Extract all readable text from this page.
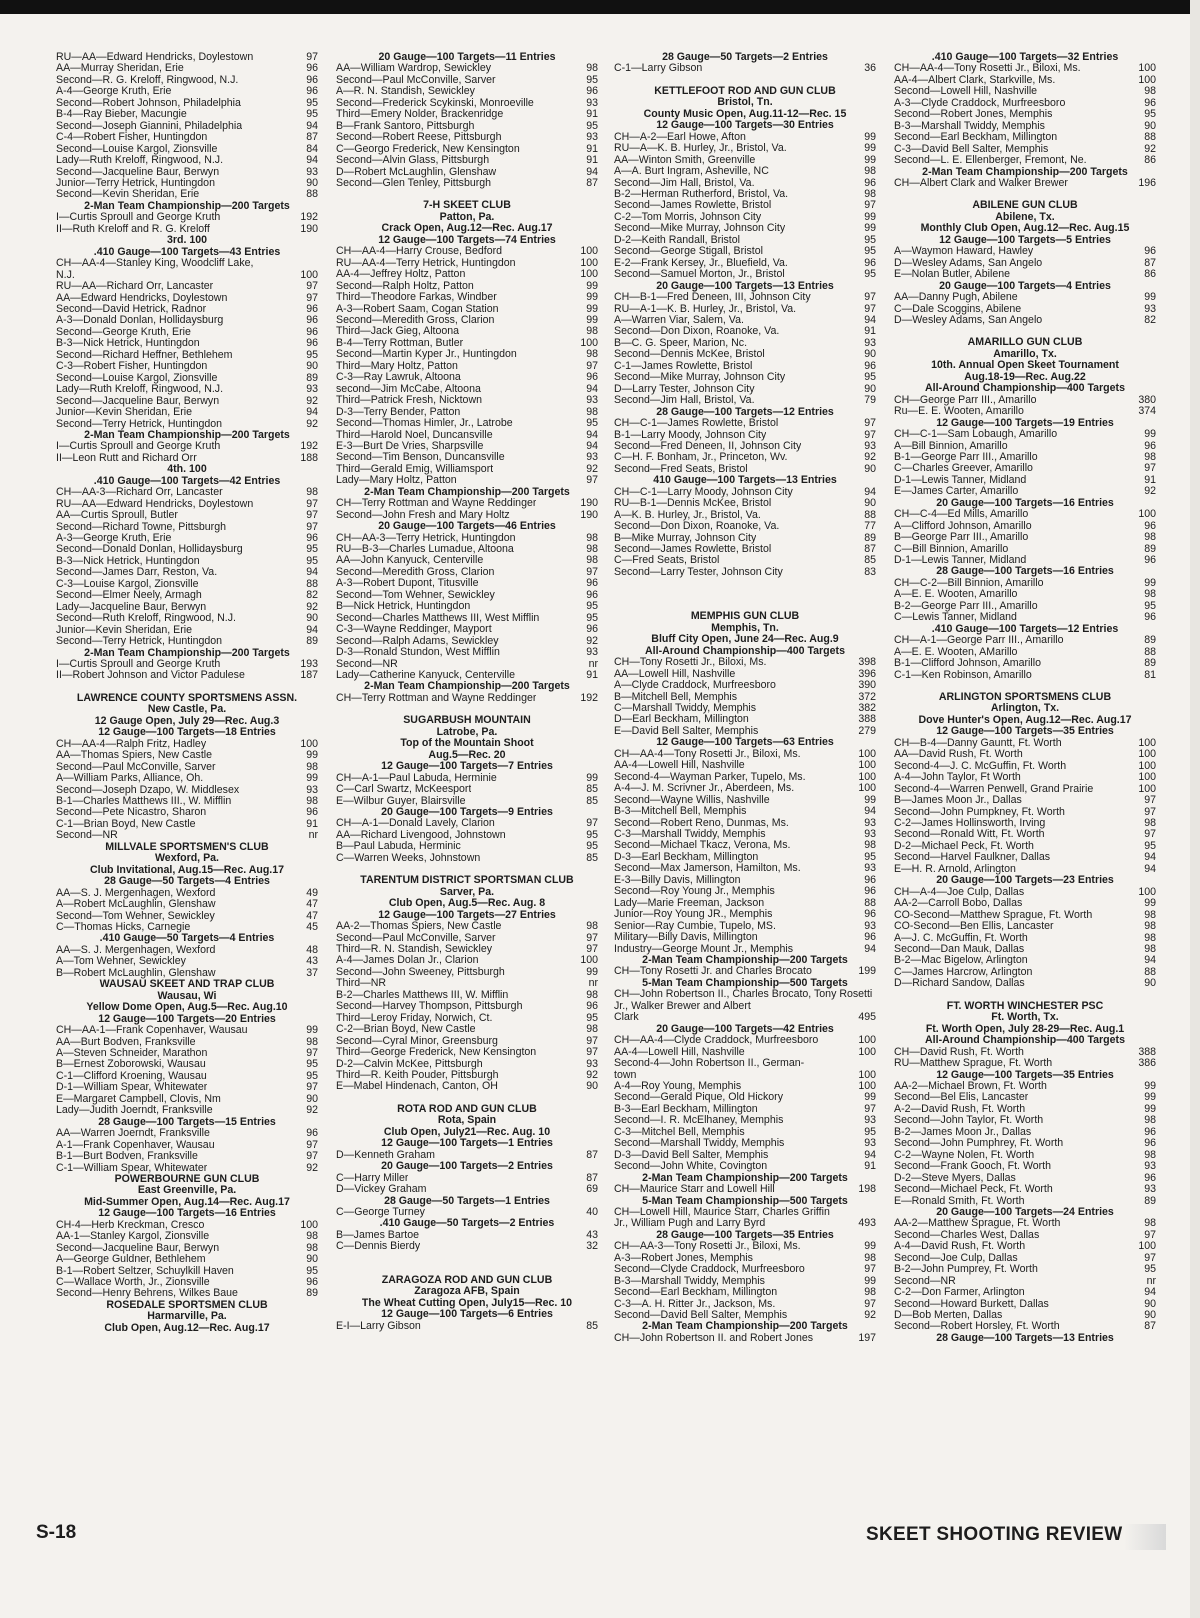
RU—AA—Edward Hendricks, Doylestown	97
AA—Murray Sheridan, Erie	96
Second—R. G. Kreloff, Ringwood, N.J.	96
A-4—George Kruth, Erie	96
Second—Robert Johnson, Philadelphia	95
B-4—Ray Bieber, Macungie	95
Second—Joseph Giannini, Philadelphia	94
C-4—Robert Fisher, Huntingdon	87
Second—Louise Kargol, Zionsville	84
Lady—Ruth Kreloff, Ringwood, N.J.	94
Second—Jacqueline Baur, Berwyn	93
Junior—Terry Hetrick, Huntingdon	90
Second—Kevin Sheridan, Erie	88
2-Man Team Championship—200 Targets
I—Curtis Sproull and George Kruth	192
II—Ruth Kreloff and R. G. Kreloff	190
3rd. 100
.410 Gauge—100 Targets—43 Entries
CH—AA-4—Stanley King, Woodcliff Lake,
N.J.	100
RU—AA—Richard Orr, Lancaster	97
AA—Edward Hendricks, Doylestown	97
Second—David Hetrick, Radnor	96
A-3—Donald Donlan, Hollidaysburg	96
Second—George Kruth, Erie	96
B-3—Nick Hetrick, Huntingdon	96
Second—Richard Heffner, Bethlehem	95
C-3—Robert Fisher, Huntingdon	90
Second—Louise Kargol, Zionsville	89
Lady—Ruth Kreloff, Ringwood, N.J.	93
Second—Jacqueline Baur, Berwyn	92
Junior—Kevin Sheridan, Erie	94
Second—Terry Hetrick, Huntingdon	92
2-Man Team Championship—200 Targets
I—Curtis Sproull and George Kruth	192
II—Leon Rutt and Richard Orr	188
4th. 100
.410 Gauge—100 Targets—42 Entries
CH—AA-3—Richard Orr, Lancaster	98
RU—AA—Edward Hendricks, Doylestown	97
AA—Curtis Sproull, Butler	97
Second—Richard Towne, Pittsburgh	97
A-3—George Kruth, Erie	96
Second—Donald Donlan, Hollidaysburg	95
B-3—Nick Hetrick, Huntingdon	95
Second—James Darr, Reston, Va.	94
C-3—Louise Kargol, Zionsville	88
Second—Elmer Neely, Armagh	82
Lady—Jacqueline Baur, Berwyn	92
Second—Ruth Kreloff, Ringwood, N.J.	90
Junior—Kevin Sheridan, Erie	94
Second—Terry Hetrick, Huntingdon	89
2-Man Team Championship—200 Targets
I—Curtis Sproull and George Kruth	193
II—Robert Johnson and Victor Padulese	187
LAWRENCE COUNTY SPORTSMENS ASSN.
New Castle, Pa.
12 Gauge Open, July 29—Rec. Aug.3
12 Gauge—100 Targets—18 Entries
CH—AA-4—Ralph Fritz, Hadley	100
AA—Thomas Spiers, New Castle	99
Second—Paul McConville, Sarver	98
A—William Parks, Alliance, Oh.	99
Second—Joseph Dzapo, W. Middlesex	93
B-1—Charles Matthews III., W. Mifflin	98
Second—Pete Nicastro, Sharon	96
C-1—Brian Boyd, New Castle	91
Second—NR	nr
MILLVALE SPORTSMEN'S CLUB
Wexford, Pa.
Club Invitational, Aug.15—Rec. Aug.17
28 Gauge—50 Targets—4 Entries
AA—S. J. Mergenhagen, Wexford	49
A—Robert McLaughlin, Glenshaw	47
Second—Tom Wehner, Sewickley	47
C—Thomas Hicks, Carnegie	45
.410 Gauge—50 Targets—4 Entries
AA—S. J. Mergenhagen, Wexford	48
A—Tom Wehner, Sewickley	43
B—Robert McLaughlin, Glenshaw	37
WAUSAU SKEET AND TRAP CLUB
Wausau, Wi
Yellow Dome Open, Aug.5—Rec. Aug.10
12 Gauge—100 Targets—20 Entries
CH—AA-1—Frank Copenhaver, Wausau	99
AA—Burt Bodven, Franksville	98
A—Steven Schneider, Marathon	97
B—Ernest Zoborowski, Wausau	95
C-1—Clifford Kroening, Wausau	95
D-1—William Spear, Whitewater	97
E—Margaret Campbell, Clovis, Nm	90
Lady—Judith Joerndt, Franksville	92
28 Gauge—100 Targets—15 Entries
AA—Warren Joerndt, Franksville	96
A-1—Frank Copenhaver, Wausau	97
B-1—Burt Bodven, Franksville	97
C-1—William Spear, Whitewater	92
POWERBOURNE GUN CLUB
East Greenville, Pa.
Mid-Summer Open, Aug.14—Rec. Aug.17
12 Gauge—100 Targets—16 Entries
CH-4—Herb Kreckman, Cresco	100
AA-1—Stanley Kargol, Zionsville	98
Second—Jacqueline Baur, Berwyn	98
A—George Guldner, Bethlehem	90
B-1—Robert Seltzer, Schuylkill Haven	95
C—Wallace Worth, Jr., Zionsville	96
Second—Henry Behrens, Wilkes Baue	89
ROSEDALE SPORTSMEN CLUB
Harmarville, Pa.
Club Open, Aug.12—Rec. Aug.17
20 Gauge—100 Targets—11 Entries
AA—William Wardrop, Sewickley	98
Second—Paul McConville, Sarver	95
A—R. N. Standish, Sewickley	96
Second—Frederick Scykinski, Monroeville	93
Third—Emery Nolder, Brackenridge	91
B—Frank Santoro, Pittsburgh	95
Second—Robert Reese, Pittsburgh	93
C—Georgo Frederick, New Kensington	91
Second—Alvin Glass, Pittsburgh	91
D—Robert McLaughlin, Glenshaw	94
Second—Glen Tenley, Pittsburgh	87
7-H SKEET CLUB
Patton, Pa.
Crack Open, Aug.12—Rec. Aug.17
12 Gauge—100 Targets—74 Entries
CH—AA-4—Harry Crouse, Bedford	100
RU—AA-4—Terry Hetrick, Huntingdon	100
AA-4—Jeffrey Holtz, Patton	100
Second—Ralph Holtz, Patton	99
Third—Theodore Farkas, Windber	99
A-3—Robert Saam, Cogan Station	99
Second—Meredith Gross, Clarion	99
Third—Jack Gieg, Altoona	98
B-4—Terry Rottman, Butler	100
Second—Martin Kyper Jr., Huntingdon	98
Third—Mary Holtz, Patton	97
C-3—Ray Lawruk, Altoona	96
second—Jim McCabe, Altoona	94
Third—Patrick Fresh, Nicktown	93
D-3—Terry Bender, Patton	98
Second—Thomas Himler, Jr., Latrobe	95
Third—Harold Noel, Duncansville	94
E-3—Burt De Vries, Sharpsville	94
Second—Tim Benson, Duncansville	93
Third—Gerald Emig, Williamsport	92
Lady—Mary Holtz, Patton	97
2-Man Team Championship—200 Targets
CH—Terry Rottman and Wayne Reddinger	190
Second—John Fresh and Mary Holtz	190
20 Gauge—100 Targets—46 Entries
CH—AA-3—Terry Hetrick, Huntingdon	98
RU—B-3—Charles Lumadue, Altoona	98
AA—John Kanyuck, Centerville	98
Second—Meredith Gross, Clarion	97
A-3—Robert Dupont, Titusville	96
Second—Tom Wehner, Sewickley	96
B—Nick Hetrick, Huntingdon	95
Second—Charles Matthews III, West Mifflin	95
C-3—Wayne Reddinger, Mayport	96
Second—Ralph Adams, Sewickley	92
D-3—Ronald Stundon, West Mifflin	93
Second—NR	nr
Lady—Catherine Kanyuck, Centerville	91
2-Man Team Championship—200 Targets
CH—Terry Rottman and Wayne Reddinger	192
SUGARBUSH MOUNTAIN
Latrobe, Pa.
Top of the Mountain Shoot
Aug.5—Rec. 20
12 Gauge—100 Targets—7 Entries
CH—A-1—Paul Labuda, Herminie	99
C—Carl Swartz, McKeesport	85
E—Wilbur Guyer, Blairsville	85
20 Gauge—100 Targets—9 Entries
CH—A-1—Donald Lavely, Clarion	97
AA—Richard Livengood, Johnstown	95
B—Paul Labuda, Herminic	95
C—Warren Weeks, Johnstown	85
TARENTUM DISTRICT SPORTSMAN CLUB
Sarver, Pa.
Club Open, Aug.5—Rec. Aug. 8
12 Gauge—100 Targets—27 Entries
AA-2—Thomas Spiers, New Castle	98
Second—Paul McConville, Sarver	97
Third—R. N. Standish, Sewickley	97
A-4—James Dolan Jr., Clarion	100
Second—John Sweeney, Pittsburgh	99
Third—NR	nr
B-2—Charles Matthews III, W. Mifflin	98
Second—Harvey Thompson, Pittsburgh	96
Third—Leroy Friday, Norwich, Ct.	95
C-2—Brian Boyd, New Castle	98
Second—Cyral Minor, Greensburg	97
Third—George Frederick, New Kensington	97
D-2—Calvin McKee, Pittsburgh	93
Third—R. Keith Pouder, Pittsburgh	92
E—Mabel Hindenach, Canton, OH	90
ROTA ROD AND GUN CLUB
Rota, Spain
Club Open, July21—Rec. Aug. 10
12 Gauge—100 Targets—1 Entries
D—Kenneth Graham	87
20 Gauge—100 Targets—2 Entries
C—Harry Miller	87
D—Vickey Graham	69
28 Gauge—50 Targets—1 Entries
C—George Turney	40
.410 Gauge—50 Targets—2 Entries
B—James Bartoe	43
C—Dennis Bierdy	32
ZARAGOZA ROD AND GUN CLUB
Zaragoza AFB, Spain
The Wheat Cutting Open, July15—Rec. 10
12 Gauge—100 Targets—6 Entries
E-I—Larry Gibson	85
28 Gauge—50 Targets—2 Entries
C-1—Larry Gibson	36
KETTLEFOOT ROD AND GUN CLUB
Bristol, Tn.
County Music Open, Aug.11-12—Rec. 15
12 Gauge—100 Targets—30 Entries
CH—A-2—Earl Howe, Afton	99
RU—A—K. B. Hurley, Jr., Bristol, Va.	99
AA—Winton Smith, Greenville	99
A—A. Burt Ingram, Asheville, NC	98
Second—Jim Hall, Bristol, Va.	96
B-2—Herman Rutherford, Bristol, Va.	98
Second—James Rowlette, Bristol	97
C-2—Tom Morris, Johnson City	99
Second—Mike Murray, Johnson City	99
D-2—Keith Randall, Bristol	95
Second—George Stigall, Bristol	95
E-2—Frank Kersey, Jr., Bluefield, Va.	96
Second—Samuel Morton, Jr., Bristol	95
20 Gauge—100 Targets—13 Entries
CH—B-1—Fred Deneen, III, Johnson City	97
RU—A-1—K. B. Hurley, Jr., Bristol, Va.	97
A—Warren Viar, Salem, Va.	94
Second—Don Dixon, Roanoke, Va.	91
B—C. G. Speer, Marion, Nc.	93
Second—Dennis McKee, Bristol	90
C-1—James Rowlette, Bristol	96
Second—Mike Murray, Johnson City	95
D—Larry Tester, Johnson City	90
Second—Jim Hall, Bristol, Va.	79
28 Gauge—100 Targets—12 Entries
CH—C-1—James Rowlette, Bristol	97
B-1—Larry Moody, Johnson City	97
Second—Fred Deneen, II, Johnson City	93
C—H. F. Bonham, Jr., Princeton, Wv.	92
Second—Fred Seats, Bristol	90
410 Gauge—100 Targets—13 Entries
CH—C-1—Larry Moody, Johnson City	94
RU—B-1—Dennis McKee, Bristol	90
A—K. B. Hurley, Jr., Bristol, Va.	88
Second—Don Dixon, Roanoke, Va.	77
B—Mike Murray, Johnson City	89
Second—James Rowlette, Bristol	87
C—Fred Seats, Bristol	85
Second—Larry Tester, Johnson City	83
MEMPHIS GUN CLUB
Memphis, Tn.
Bluff City Open, June 24—Rec. Aug.9
All-Around Championship—400 Targets
CH—Tony Rosetti Jr., Biloxi, Ms.	398
AA—Lowell Hill, Nashville	396
A—Clyde Craddock, Murfreesboro	390
B—Mitchell Bell, Memphis	372
C—Marshall Twiddy, Memphis	382
D—Earl Beckham, Millington	388
E—David Bell Salter, Memphis	279
12 Gauge—100 Targets—63 Entries
CH—AA-4—Tony Rosetti Jr., Biloxi, Ms.	100
AA-4—Lowell Hill, Nashville	100
Second-4—Wayman Parker, Tupelo, Ms.	100
A-4—J. M. Scrivner Jr., Aberdeen, Ms.	100
Second—Wayne Willis, Nashville	99
B-3—Mitchell Bell, Memphis	94
Second—Robert Reno, Dunmas, Ms.	93
C-3—Marshall Twiddy, Memphis	93
Second—Michael Tkacz, Verona, Ms.	98
D-3—Earl Beckham, Millington	95
Second—Max Jamerson, Hamilton, Ms.	93
E-3—Billy Davis, Millington	96
Second—Roy Young Jr., Memphis	96
Lady—Marie Freeman, Jackson	88
Junior—Roy Young JR., Memphis	96
Senior—Ray Cumbie, Tupelo, MS.	93
Military—Billy Davis, Millington	96
Industry—George Mount Jr., Memphis	94
2-Man Team Championship—200 Targets
CH—Tony Rosetti Jr. and Charles Brocato	199
5-Man Team Championship—500 Targets
CH—John Robertson II., Charles Brocato, Tony Rosetti Jr., Walker Brewer and Albert
Clark	495
20 Gauge—100 Targets—42 Entries
CH—AA-4—Clyde Craddock, Murfreesboro	100
AA-4—Lowell Hill, Nashville	100
Second-4—John Robertson II., German-
town	100
A-4—Roy Young, Memphis	100
Second—Gerald Pique, Old Hickory	99
B-3—Earl Beckham, Millington	97
Second—I. R. McElhaney, Memphis	93
C-3—Mitchel Bell, Memphis	95
Second—Marshall Twiddy, Memphis	93
D-3—David Bell Salter, Memphis	94
Second—John White, Covington	91
2-Man Team Championship—200 Targets
CH—Maurice Starr and Lowell Hill	198
5-Man Team Championship—500 Targets
CH—Lowell Hill, Maurice Starr, Charles Griffin
Jr., William Pugh and Larry Byrd	493
28 Gauge—100 Targets—35 Entries
CH—AA-3—Tony Rosetti Jr., Biloxi, Ms.	99
A-3—Robert Jones, Memphis	98
Second—Clyde Craddock, Murfreesboro	97
B-3—Marshall Twiddy, Memphis	99
Second—Earl Beckham, Millington	98
C-3—A. H. Ritter Jr., Jackson, Ms.	97
Second—David Bell Salter, Memphis	92
2-Man Team Championship—200 Targets
CH—John Robertson II. and Robert Jones	197
.410 Gauge—100 Targets—32 Entries
CH—AA-4—Tony Rosetti Jr., Biloxi, Ms.	100
AA-4—Albert Clark, Starkville, Ms.	100
Second—Lowell Hill, Nashville	98
A-3—Clyde Craddock, Murfreesboro	96
Second—Robert Jones, Memphis	95
B-3—Marshall Twiddy, Memphis	90
Second—Earl Beckham, Millington	88
C-3—David Bell Salter, Memphis	92
Second—L. E. Ellenberger, Fremont, Ne.	86
2-Man Team Championship—200 Targets
CH—Albert Clark and Walker Brewer	196
ABILENE GUN CLUB
Abilene, Tx.
Monthly Club Open, Aug.12—Rec. Aug.15
12 Gauge—100 Targets—5 Entries
A—Waymon Haward, Hawley	96
D—Wesley Adams, San Angelo	87
E—Nolan Butler, Abilene	86
20 Gauge—100 Targets—4 Entries
AA—Danny Pugh, Abilene	99
C—Dale Scoggins, Abilene	93
D—Wesley Adams, San Angelo	82
AMARILLO GUN CLUB
Amarillo, Tx.
10th. Annual Open Skeet Tournament
Aug.18-19—Rec. Aug.22
All-Around Championship—400 Targets
CH—George Parr III., Amarillo	380
Ru—E. E. Wooten, Amarillo	374
12 Gauge—100 Targets—19 Entries
CH—C-1—Sam Lobaugh, Amarillo	99
A—Bill Binnion, Amarillo	96
B-1—George Parr III., Amarillo	98
C—Charles Greever, Amarillo	97
D-1—Lewis Tanner, Midland	91
E—James Carter, Amarillo	92
20 Gauge—100 Targets—16 Entries
CH—C-4—Ed Mills, Amarillo	100
A—Clifford Johnson, Amarillo	96
B—George Parr III., Amarillo	98
C—Bill Binnion, Amarillo	89
D-1—Lewis Tanner, Midland	96
28 Gauge—100 Targets—16 Entries
CH—C-2—Bill Binnion, Amarillo	99
A—E. E. Wooten, Amarillo	98
B-2—George Parr III., Amarillo	95
C—Lewis Tanner, Midland	96
.410 Gauge—100 Targets—12 Entries
CH—A-1—George Parr III., Amarillo	89
A—E. E. Wooten, AMarillo	88
B-1—Clifford Johnson, Amarillo	89
C-1—Ken Robinson, Amarillo	81
ARLINGTON SPORTSMENS CLUB
Arlington, Tx.
Dove Hunter's Open, Aug.12—Rec. Aug.17
12 Gauge—100 Targets—35 Entries
CH—B-4—Danny Gauntt, Ft. Worth	100
AA—David Rush, Ft. Worth	100
Second-4—J. C. McGuffin, Ft. Worth	100
A-4—John Taylor, Ft Worth	100
Second-4—Warren Penwell, Grand Prairie	100
B—James Moon Jr., Dallas	97
Second—John Pumpkney, Ft. Worth	97
C-2—James Hollinsworth, Irving	98
Second—Ronald Witt, Ft. Worth	97
D-2—Michael Peck, Ft. Worth	95
Second—Harvel Faulkner, Dallas	94
E—H. R. Arnold, Arlington	94
20 Gauge—100 Targets—23 Entries
CH—A-4—Joe Culp, Dallas	100
AA-2—Carroll Bobo, Dallas	99
CO-Second—Matthew Sprague, Ft. Worth	98
CO-Second—Ben Ellis, Lancaster	98
A—J. C. McGuffin, Ft. Worth	98
Second—Dan Mauk, Dallas	98
B-2—Mac Bigelow, Arlington	94
C—James Harcrow, Arlington	88
D—Richard Sandow, Dallas	90
FT. WORTH WINCHESTER PSC
Ft. Worth, Tx.
Ft. Worth Open, July 28-29—Rec. Aug.1
All-Around Championship—400 Targets
CH—David Rush, Ft. Worth	388
RU—Matthew Sprague, Ft. Worth	386
12 Gauge—100 Targets—35 Entries
AA-2—Michael Brown, Ft. Worth	99
Second—Bel Elis, Lancaster	99
A-2—David Rush, Ft. Worth	99
Second—John Taylor, Ft. Worth	98
B-2—James Moon Jr., Dallas	96
Second—John Pumphrey, Ft. Worth	96
C-2—Wayne Nolen, Ft. Worth	98
Second—Frank Gooch, Ft. Worth	93
D-2—Steve Myers, Dallas	96
Second—Michael Peck, Ft. Worth	93
E—Ronald Smith, Ft. Worth	89
20 Gauge—100 Targets—24 Entries
AA-2—Matthew Sprague, Ft. Worth	98
Second—Charles West, Dallas	97
A-4—David Rush, Ft. Worth	100
Second—Joe Culp, Dallas	97
B-2—John Pumprey, Ft. Worth	95
Second—NR	nr
C-2—Don Farmer, Arlington	94
Second—Howard Burkett, Dallas	90
D—Bob Merten, Dallas	90
Second—Robert Horsley, Ft. Worth	87
28 Gauge—100 Targets—13 Entries
S-18	SKEET SHOOTING REVIEW
